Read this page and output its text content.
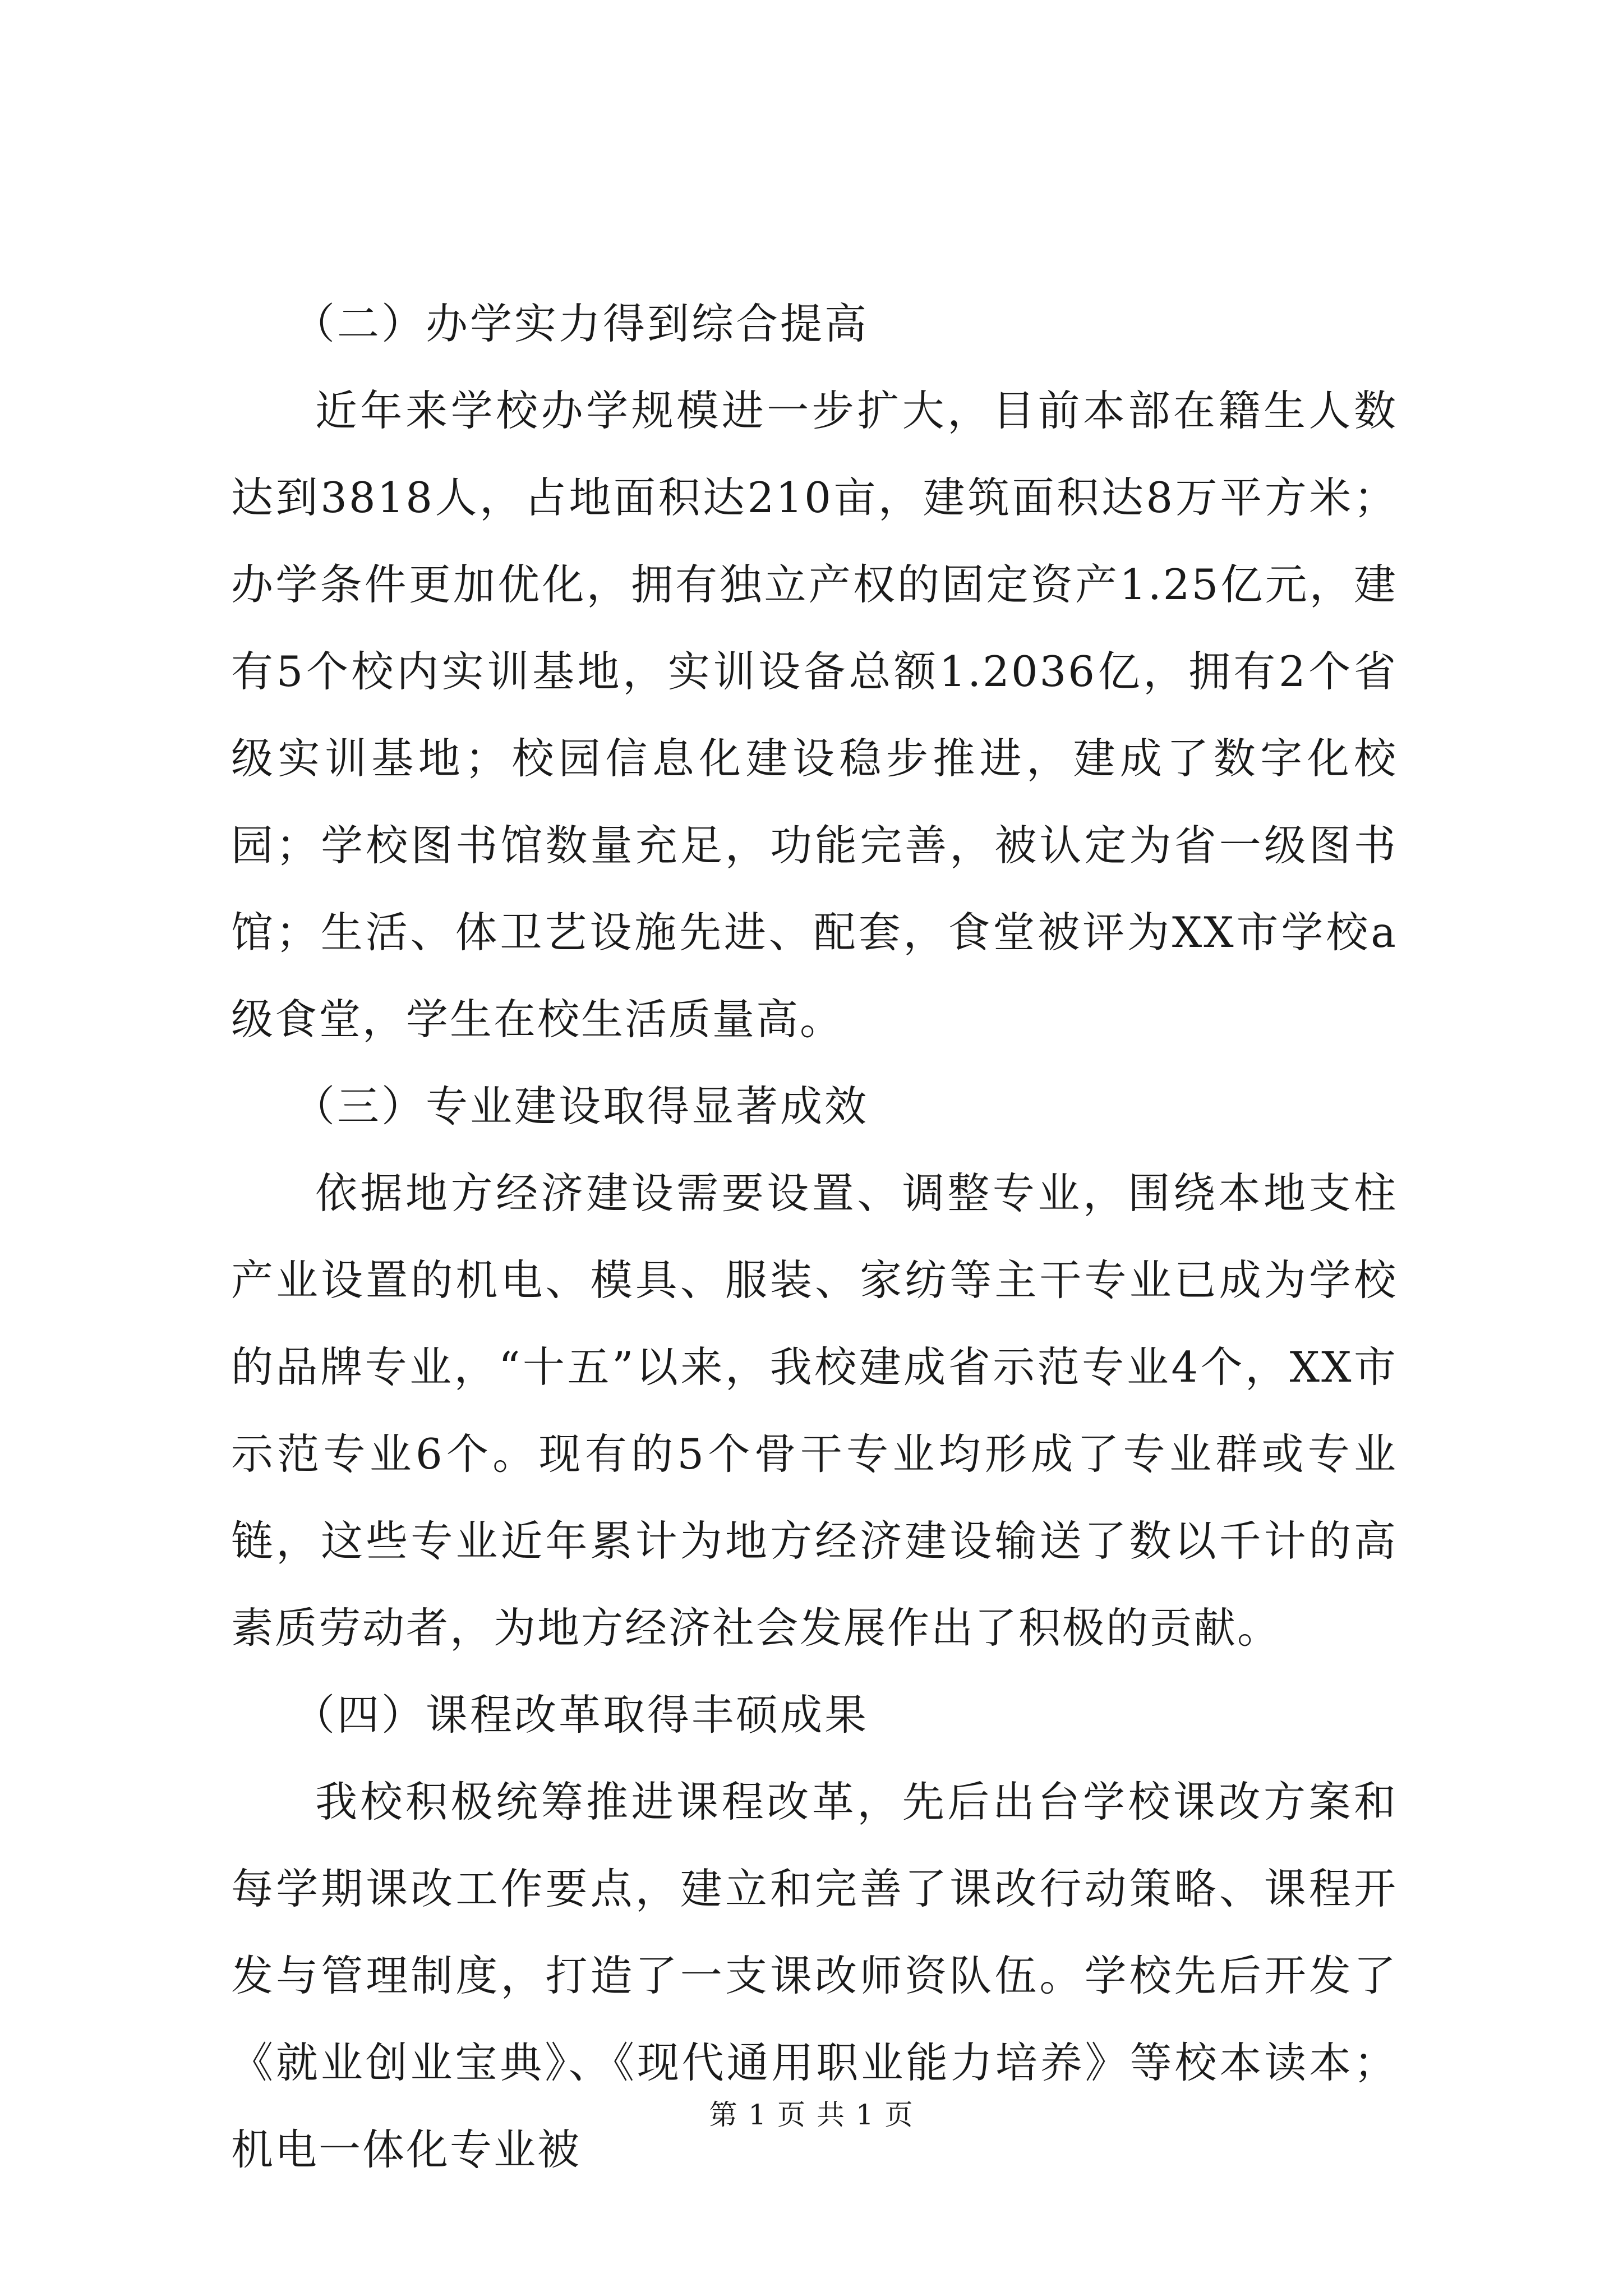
（二）办学实力得到综合提高

近年来学校办学规模进一步扩大，目前本部在籍生人数达到3818人，占地面积达210亩，建筑面积达8万平方米；办学条件更加优化，拥有独立产权的固定资产1.25亿元，建有5个校内实训基地，实训设备总额1.2036亿，拥有2个省级实训基地；校园信息化建设稳步推进，建成了数字化校园；学校图书馆数量充足，功能完善，被认定为省一级图书馆；生活、体卫艺设施先进、配套，食堂被评为XX市学校a级食堂，学生在校生活质量高。

（三）专业建设取得显著成效

依据地方经济建设需要设置、调整专业，围绕本地支柱产业设置的机电、模具、服装、家纺等主干专业已成为学校的品牌专业，“十五”以来，我校建成省示范专业4个，XX市示范专业6个。现有的5个骨干专业均形成了专业群或专业链，这些专业近年累计为地方经济建设输送了数以千计的高素质劳动者，为地方经济社会发展作出了积极的贡献。

（四）课程改革取得丰硕成果

我校积极统筹推进课程改革，先后出台学校课改方案和每学期课改工作要点，建立和完善了课改行动策略、课程开发与管理制度，打造了一支课改师资队伍。学校先后开发了《就业创业宝典》、《现代通用职业能力培养》等校本读本；机电一体化专业被

第 1 页 共 1 页
